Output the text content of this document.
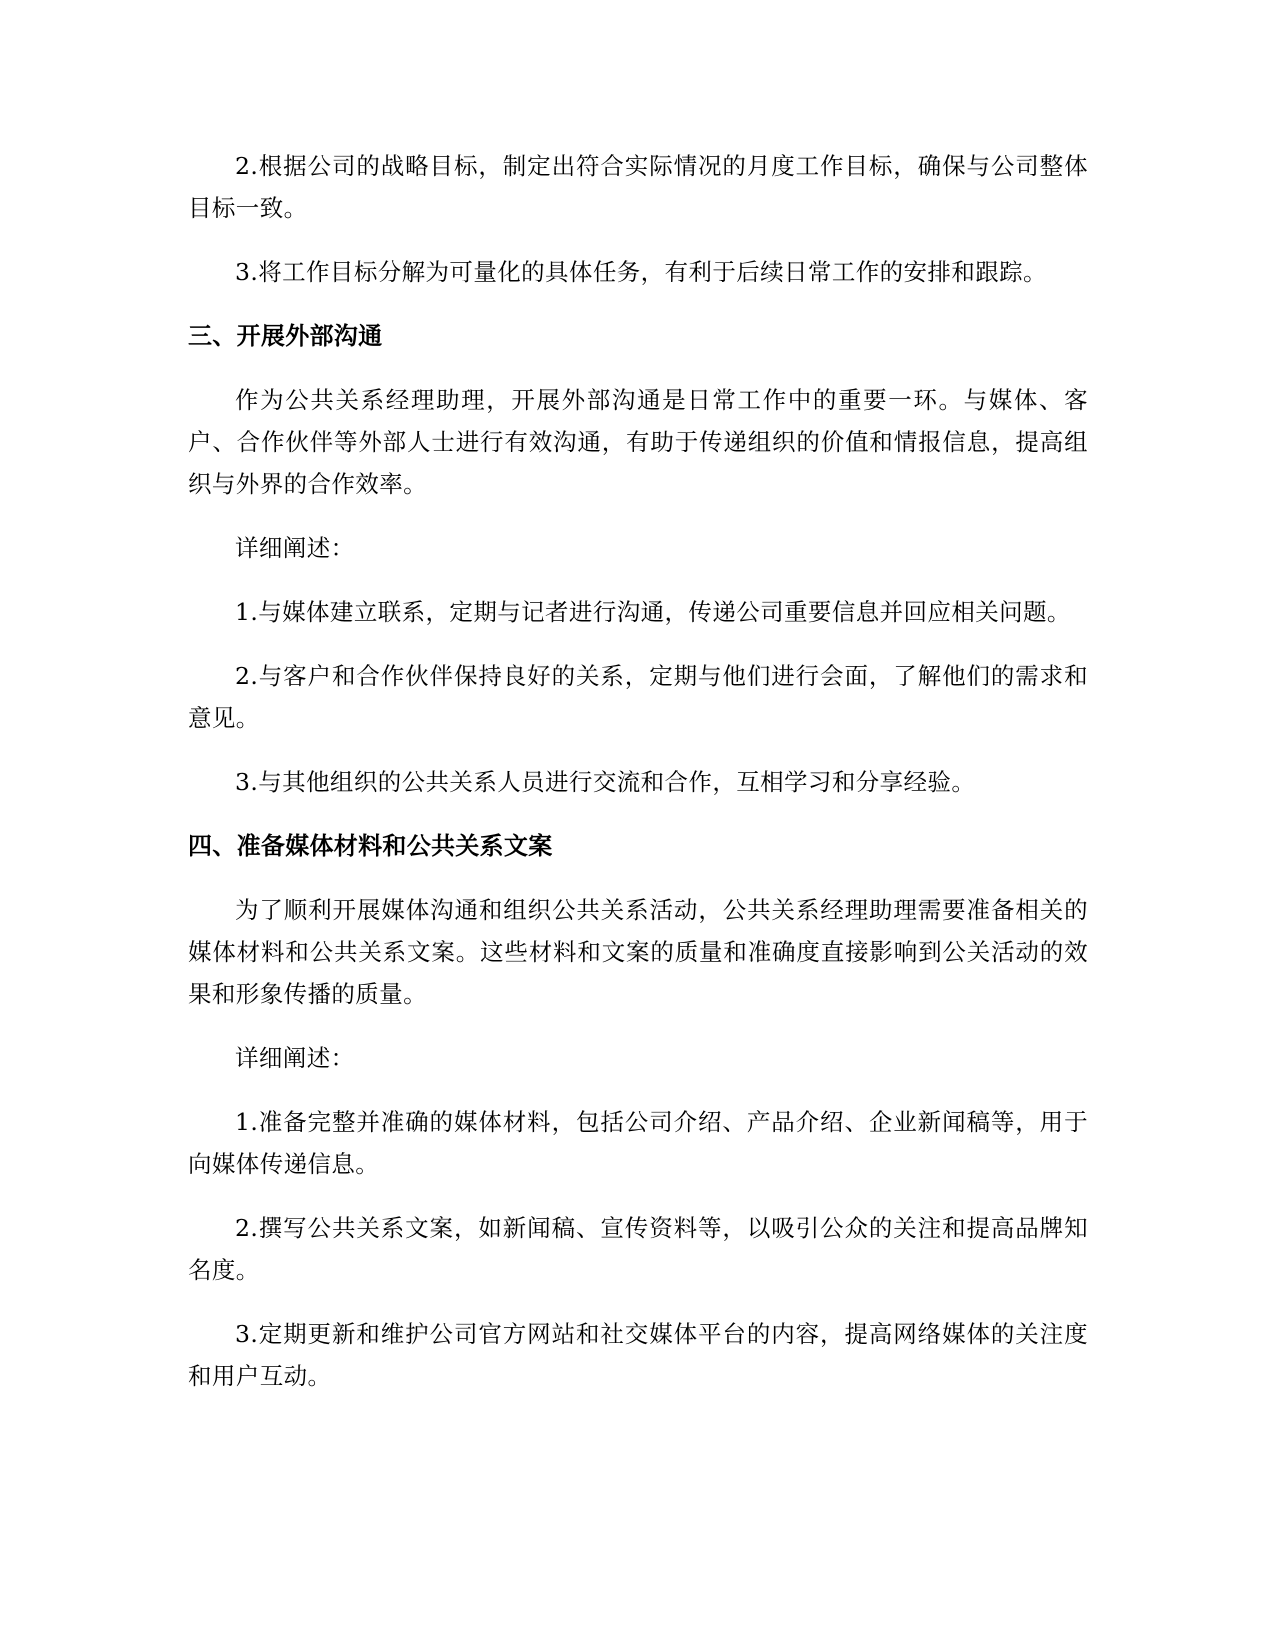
2.根据公司的战略目标，制定出符合实际情况的月度工作目标，确保与公司整体目标一致。

3.将工作目标分解为可量化的具体任务，有利于后续日常工作的安排和跟踪。

三、开展外部沟通

作为公共关系经理助理，开展外部沟通是日常工作中的重要一环。与媒体、客户、合作伙伴等外部人士进行有效沟通，有助于传递组织的价值和情报信息，提高组织与外界的合作效率。

详细阐述：

1.与媒体建立联系，定期与记者进行沟通，传递公司重要信息并回应相关问题。

2.与客户和合作伙伴保持良好的关系，定期与他们进行会面，了解他们的需求和意见。

3.与其他组织的公共关系人员进行交流和合作，互相学习和分享经验。

四、准备媒体材料和公共关系文案

为了顺利开展媒体沟通和组织公共关系活动，公共关系经理助理需要准备相关的媒体材料和公共关系文案。这些材料和文案的质量和准确度直接影响到公关活动的效果和形象传播的质量。

详细阐述：

1.准备完整并准确的媒体材料，包括公司介绍、产品介绍、企业新闻稿等，用于向媒体传递信息。

2.撰写公共关系文案，如新闻稿、宣传资料等，以吸引公众的关注和提高品牌知名度。

3.定期更新和维护公司官方网站和社交媒体平台的内容，提高网络媒体的关注度和用户互动。
